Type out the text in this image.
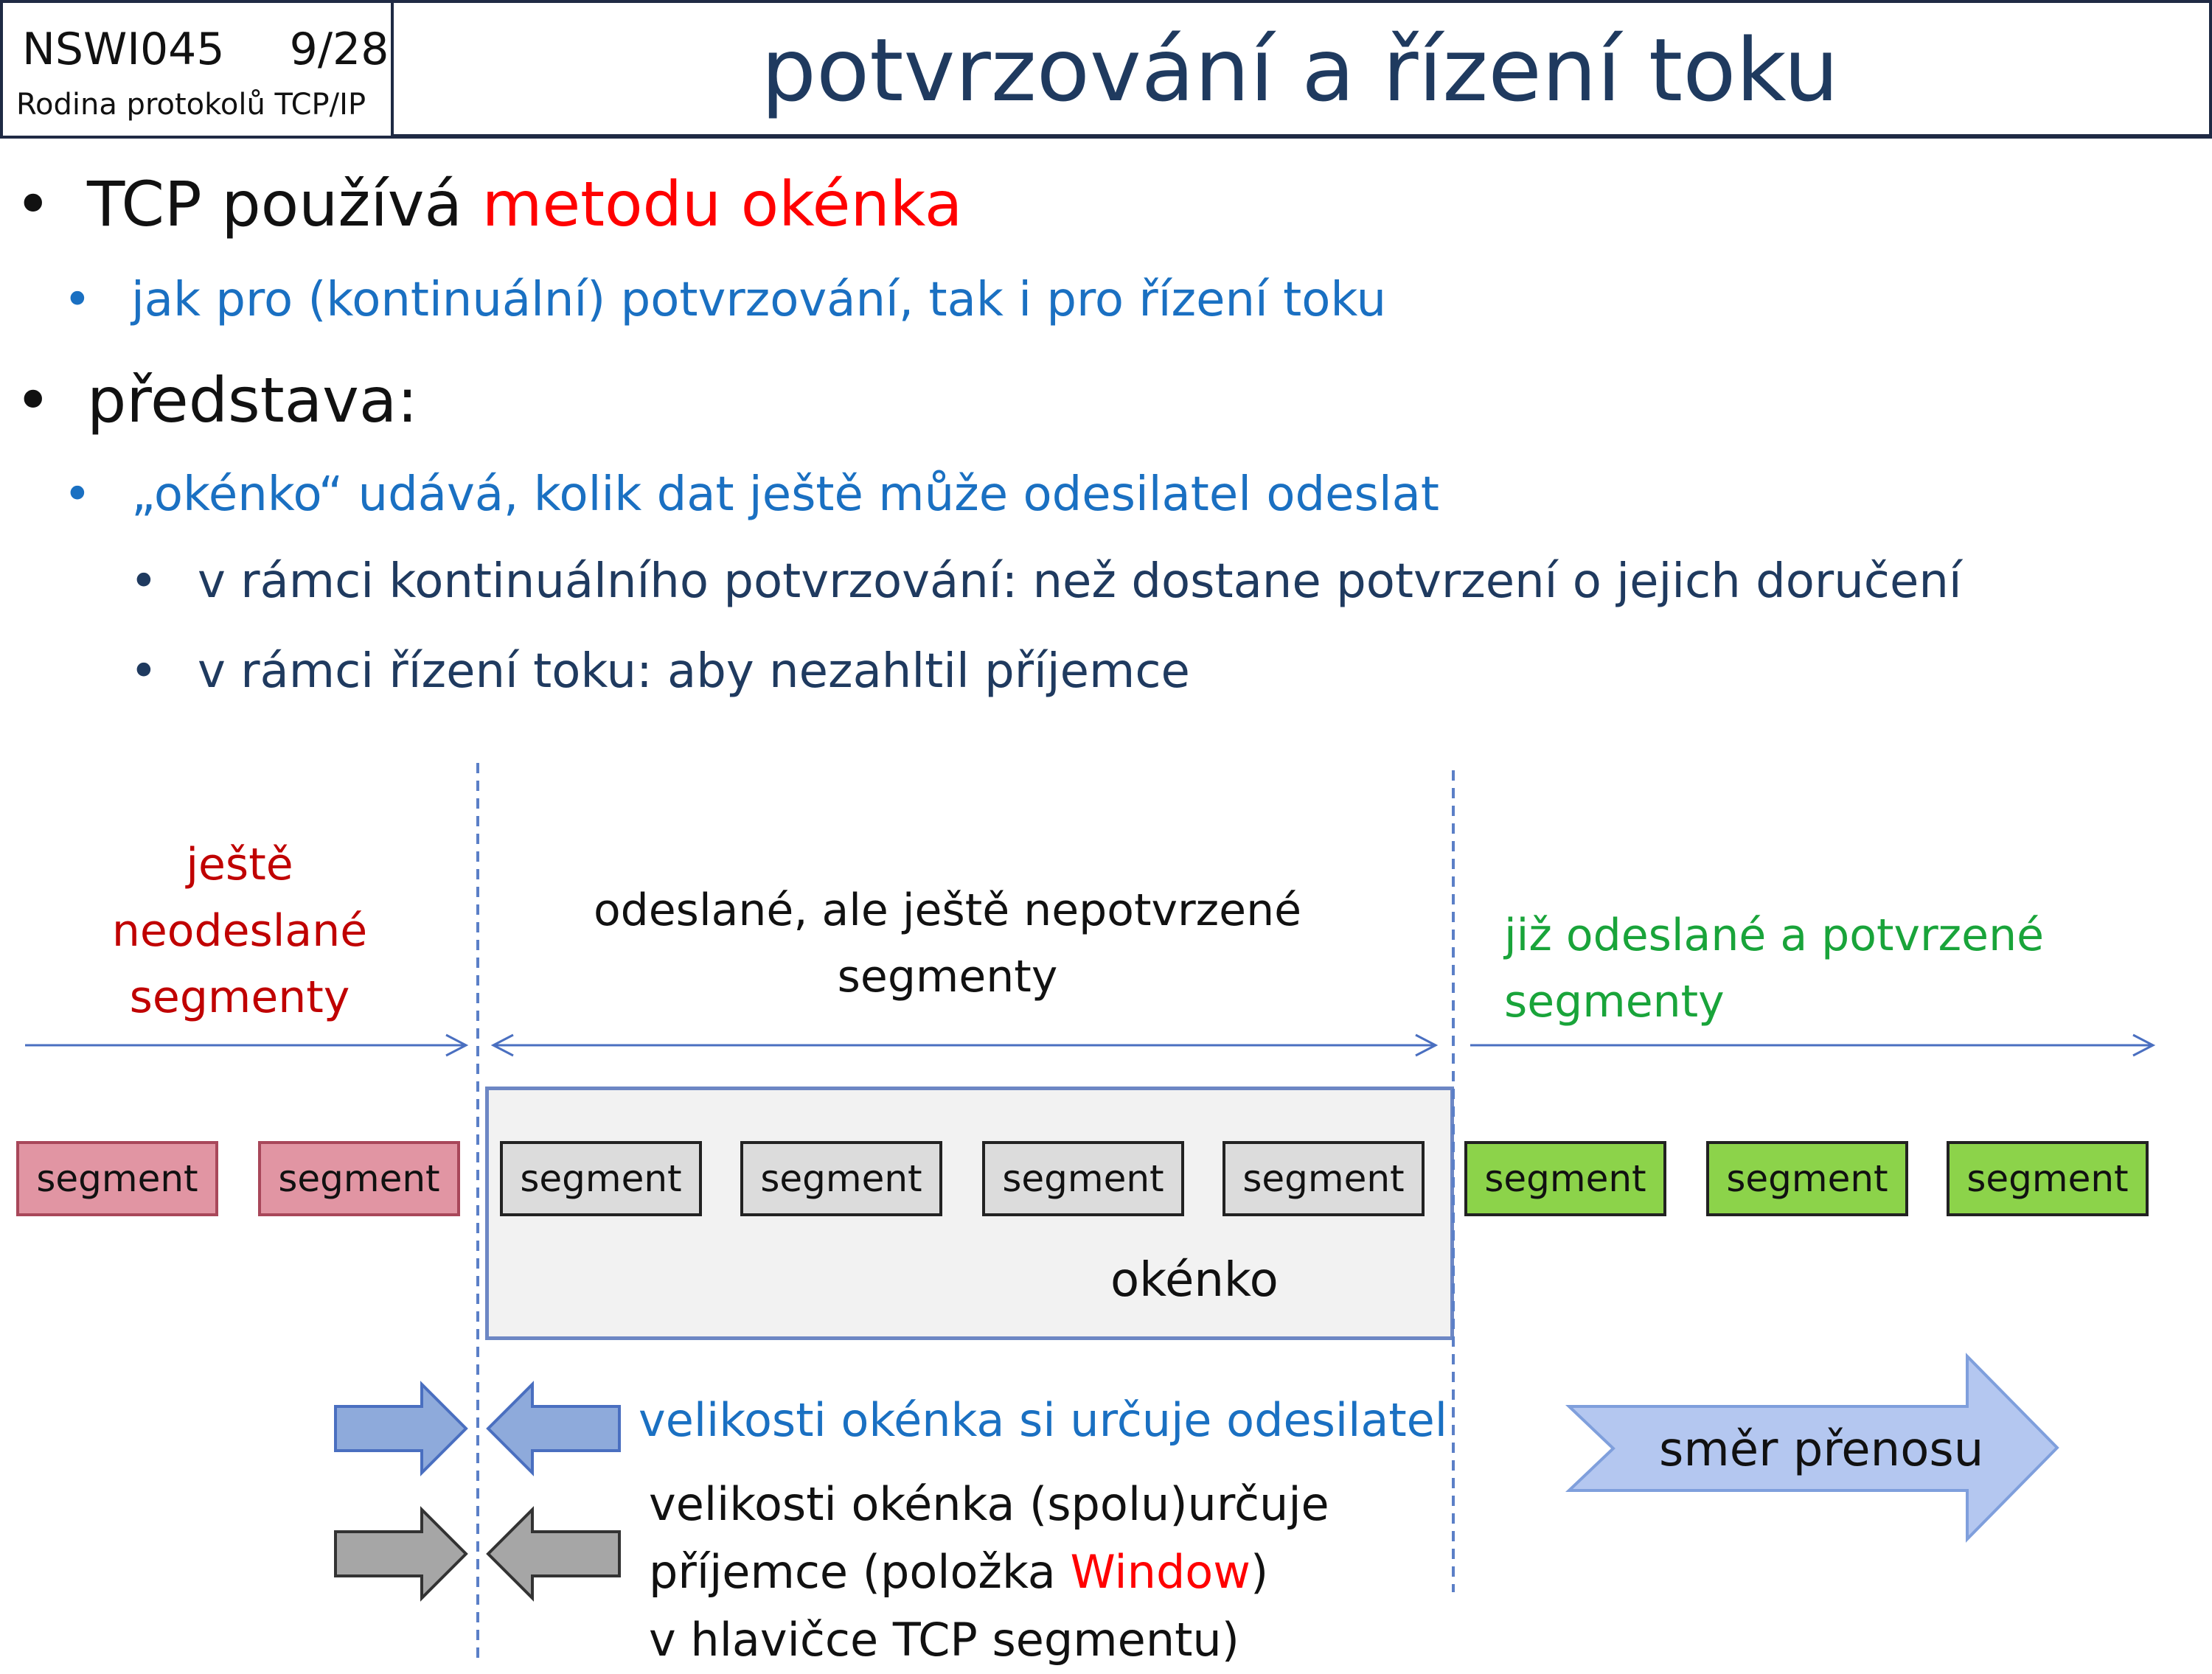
NSWI045 9/28
Rodina protokolů TCP/IP	potvrzování a řízení toku
• TCP používá metodu okénka
• jak pro (kontinuální) potvrzování, tak i pro řízení toku
• představa:
• „okénko“ udává, kolik dat ještě může odesilatel odeslat
• v rámci kontinuálního potvrzování: než dostane potvrzení o jejich doručení
• v rámci řízení toku: aby nezahltil příjemce
okénko
ještě
neodeslané
segmenty
odeslané, ale ještě nepotvrzené
segmenty
již odeslané a potvrzené
segmenty
segment	segment	segment	segment	segment	segment	segment	segment	segment
velikosti okénka si určuje odesilatel
velikosti okénka (spolu)určuje
příjemce (položka Window)
v hlavičce TCP segmentu)
směr přenosu
